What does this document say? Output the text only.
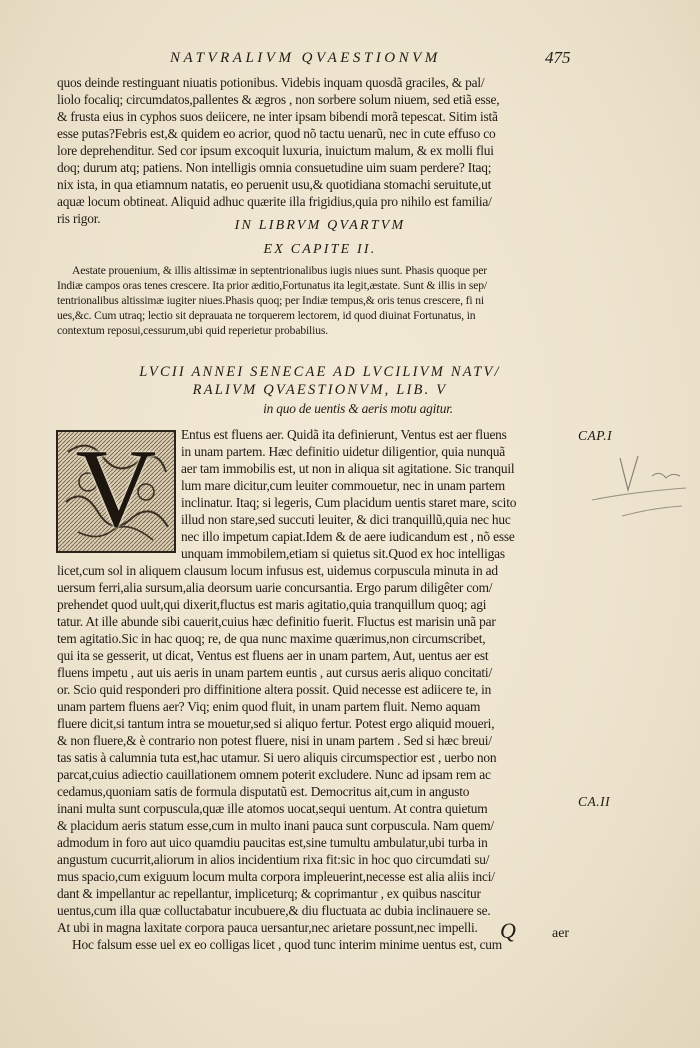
NATVRALIVM QVAESTIONVM	475
quos deinde restinguant niuatis potionibus. Videbis inquam quosdã graciles, & pal/
liolo focaliq; circumdatos,pallentes & ægros , non sorbere solum niuem, sed etiã esse,
& frusta eius in cyphos suos deiicere, ne inter ipsam bibendi morã tepescat. Sitim istã
esse putas?Febris est,& quidem eo acrior, quod nõ tactu uenarũ, nec in cute effuso co
lore deprehenditur. Sed cor ipsum excoquit luxuria, inuictum malum, & ex molli flui
doq; durum atq; patiens. Non intelligis omnia consuetudine uim suam perdere? Itaq;
nix ista, in qua etiamnum natatis, eo peruenit usu,& quotidiana stomachi seruitute,ut
aquæ locum obtineat. Aliquid adhuc quærite illa frigidius,quia pro nihilo est familia/
ris rigor.	IN LIBRVM QVARTVM
EX CAPITE II.
Aestate prouenium, & illis altissimæ in septentrionalibus iugis niues sunt. Phasis quoque per
Indiæ campos oras tenes crescere. Ita prior æditio,Fortunatus ita legit,æstate. Sunt & illis in sep/
tentrionalibus altissimæ iugiter niues.Phasis quoq; per Indiæ tempus,& oris tenus crescere, fi ni
ues,&c. Cum utraq; lectio sit deprauata ne torquerem lectorem, id quod diuinat Fortunatus, in
contextum reposui,cessurum,ubi quid reperietur probabilius.
LVCII ANNEI SENECAE AD LVCILIVM NATV/
RALIVM QVAESTIONVM, LIB. V
in quo de uentis & aeris motu agitur.
V	Entus est fluens aer. Quidã ita definierunt, Ventus est aer fluens
in unam partem. Hæc definitio uidetur diligentior, quia nunquã
aer tam immobilis est, ut non in aliqua sit agitatione. Sic tranquil
lum mare dicitur,cum leuiter commouetur, nec in unam partem
inclinatur. Itaq; si legeris, Cum placidum uentis staret mare, scito
illud non stare,sed succuti leuiter, & dici tranquillũ,quia nec huc
nec illo impetum capiat.Idem & de aere iudicandum est , nõ esse
unquam immobilem,etiam si quietus sit.Quod ex hoc intelligas
licet,cum sol in aliquem clausum locum infusus est, uidemus corpuscula minuta in ad
uersum ferri,alia sursum,alia deorsum uarie concursantia. Ergo parum diligêter com/
prehendet quod uult,qui dixerit,fluctus est maris agitatio,quia tranquillum quoq; agi
tatur. At ille abunde sibi cauerit,cuius hæc definitio fuerit. Fluctus est marisin unã par
tem agitatio.Sic in hac quoq; re, de qua nunc maxime quærimus,non circumscribet,
qui ita se gesserit, ut dicat, Ventus est fluens aer in unam partem, Aut, uentus aer est
fluens impetu , aut uis aeris in unam partem euntis , aut cursus aeris aliquo concitati/
or. Scio quid responderi pro diffinitione altera possit. Quid necesse est adiicere te, in
unam partem fluens aer? Viq; enim quod fluit, in unam partem fluit. Nemo aquam
fluere dicit,si tantum intra se mouetur,sed si aliquo fertur. Potest ergo aliquid moueri,
& non fluere,& è contrario non potest fluere, nisi in unam partem . Sed si hæc breui/
tas satis à calumnia tuta est,hac utamur. Si uero aliquis circumspectior est , uerbo non
parcat,cuius adiectio cauillationem omnem poterit excludere. Nunc ad ipsam rem ac
cedamus,quoniam satis de formula disputatũ est. Democritus ait,cum in angusto
inani multa sunt corpuscula,quæ ille atomos uocat,sequi uentum. At contra quietum
& placidum aeris statum esse,cum in multo inani pauca sunt corpuscula. Nam quem/
admodum in foro aut uico quamdiu paucitas est,sine tumultu ambulatur,ubi turba in
angustum cucurrit,aliorum in alios incidentium rixa fit:sic in hoc quo circumdati su/
mus spacio,cum exiguum locum multa corpora impleuerint,necesse est alia aliis inci/
dant & impellantur ac repellantur, impliceturq; & coprimantur , ex quibus nascitur
uentus,cum illa quæ colluctabatur incubuere,& diu fluctuata ac dubia inclinauere se.
At ubi in magna laxitate corpora pauca uersantur,nec arietare possunt,nec impelli.
Hoc falsum esse uel ex eo colligas licet , quod tunc interim minime uentus est, cum
CAP.I
CA.II
Q	aer
